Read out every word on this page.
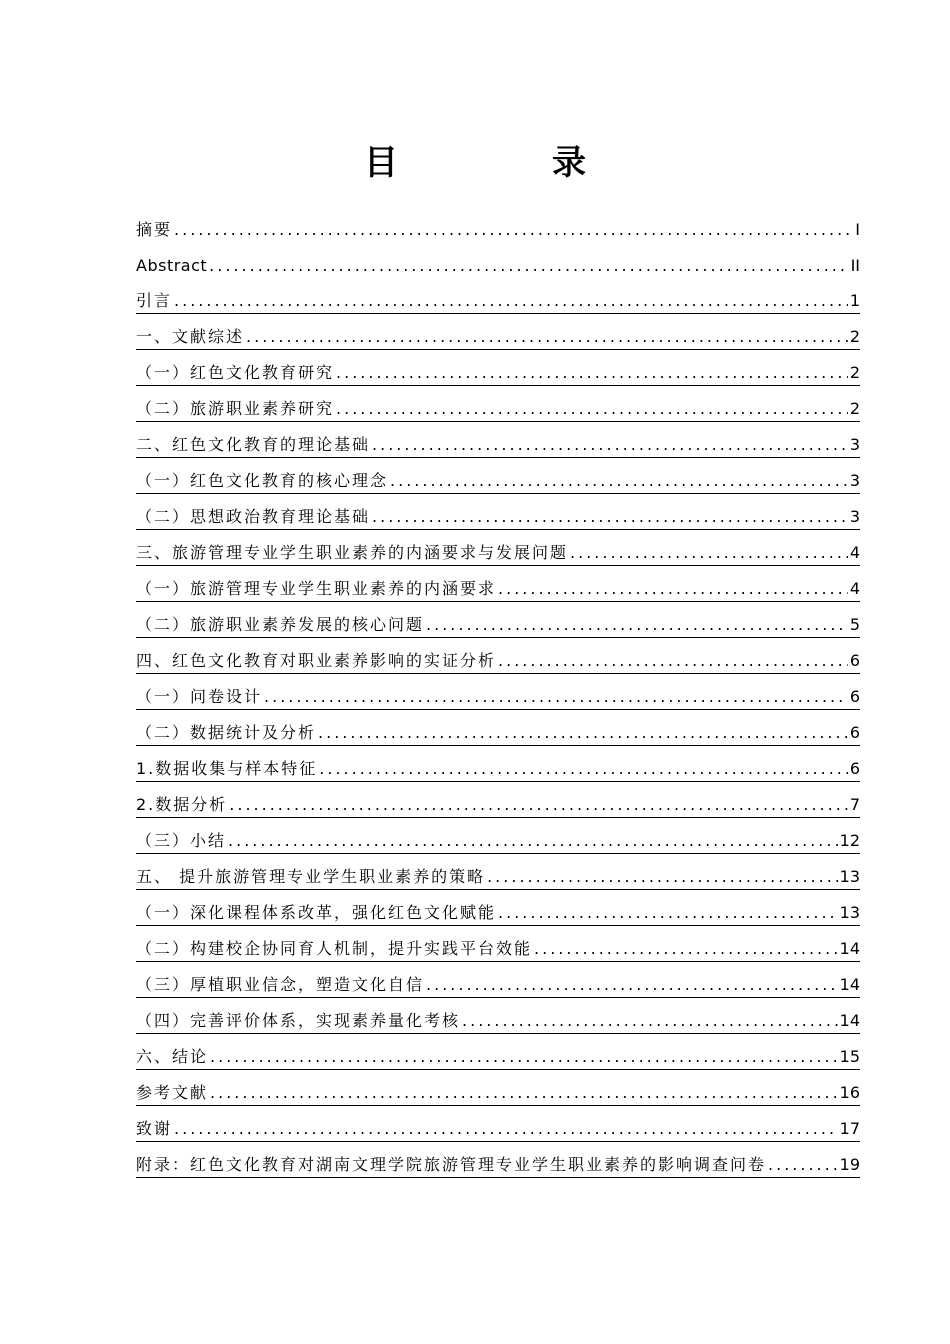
目　录
摘要 .....	I
Abstract .....	II
引言 .....	1
一、文献综述 .....	2
（一）红色文化教育研究 .....	2
（二）旅游职业素养研究 .....	2
二、红色文化教育的理论基础 .....	3
（一）红色文化教育的核心理念 .....	3
（二）思想政治教育理论基础 .....	3
三、旅游管理专业学生职业素养的内涵要求与发展问题 .....	4
（一）旅游管理专业学生职业素养的内涵要求 .....	4
（二）旅游职业素养发展的核心问题 .....	5
四、红色文化教育对职业素养影响的实证分析 .....	6
（一）问卷设计 .....	6
（二）数据统计及分析 .....	6
1.数据收集与样本特征 .....	6
2.数据分析 .....	7
（三）小结 .....	12
五、 提升旅游管理专业学生职业素养的策略 .....	13
（一）深化课程体系改革，强化红色文化赋能 .....	13
（二）构建校企协同育人机制，提升实践平台效能 .....	14
（三）厚植职业信念，塑造文化自信 .....	14
（四）完善评价体系，实现素养量化考核 .....	14
六、结论 .....	15
参考文献 .....	16
致谢 .....	17
附录：红色文化教育对湖南文理学院旅游管理专业学生职业素养的影响调查问卷 .....	19
